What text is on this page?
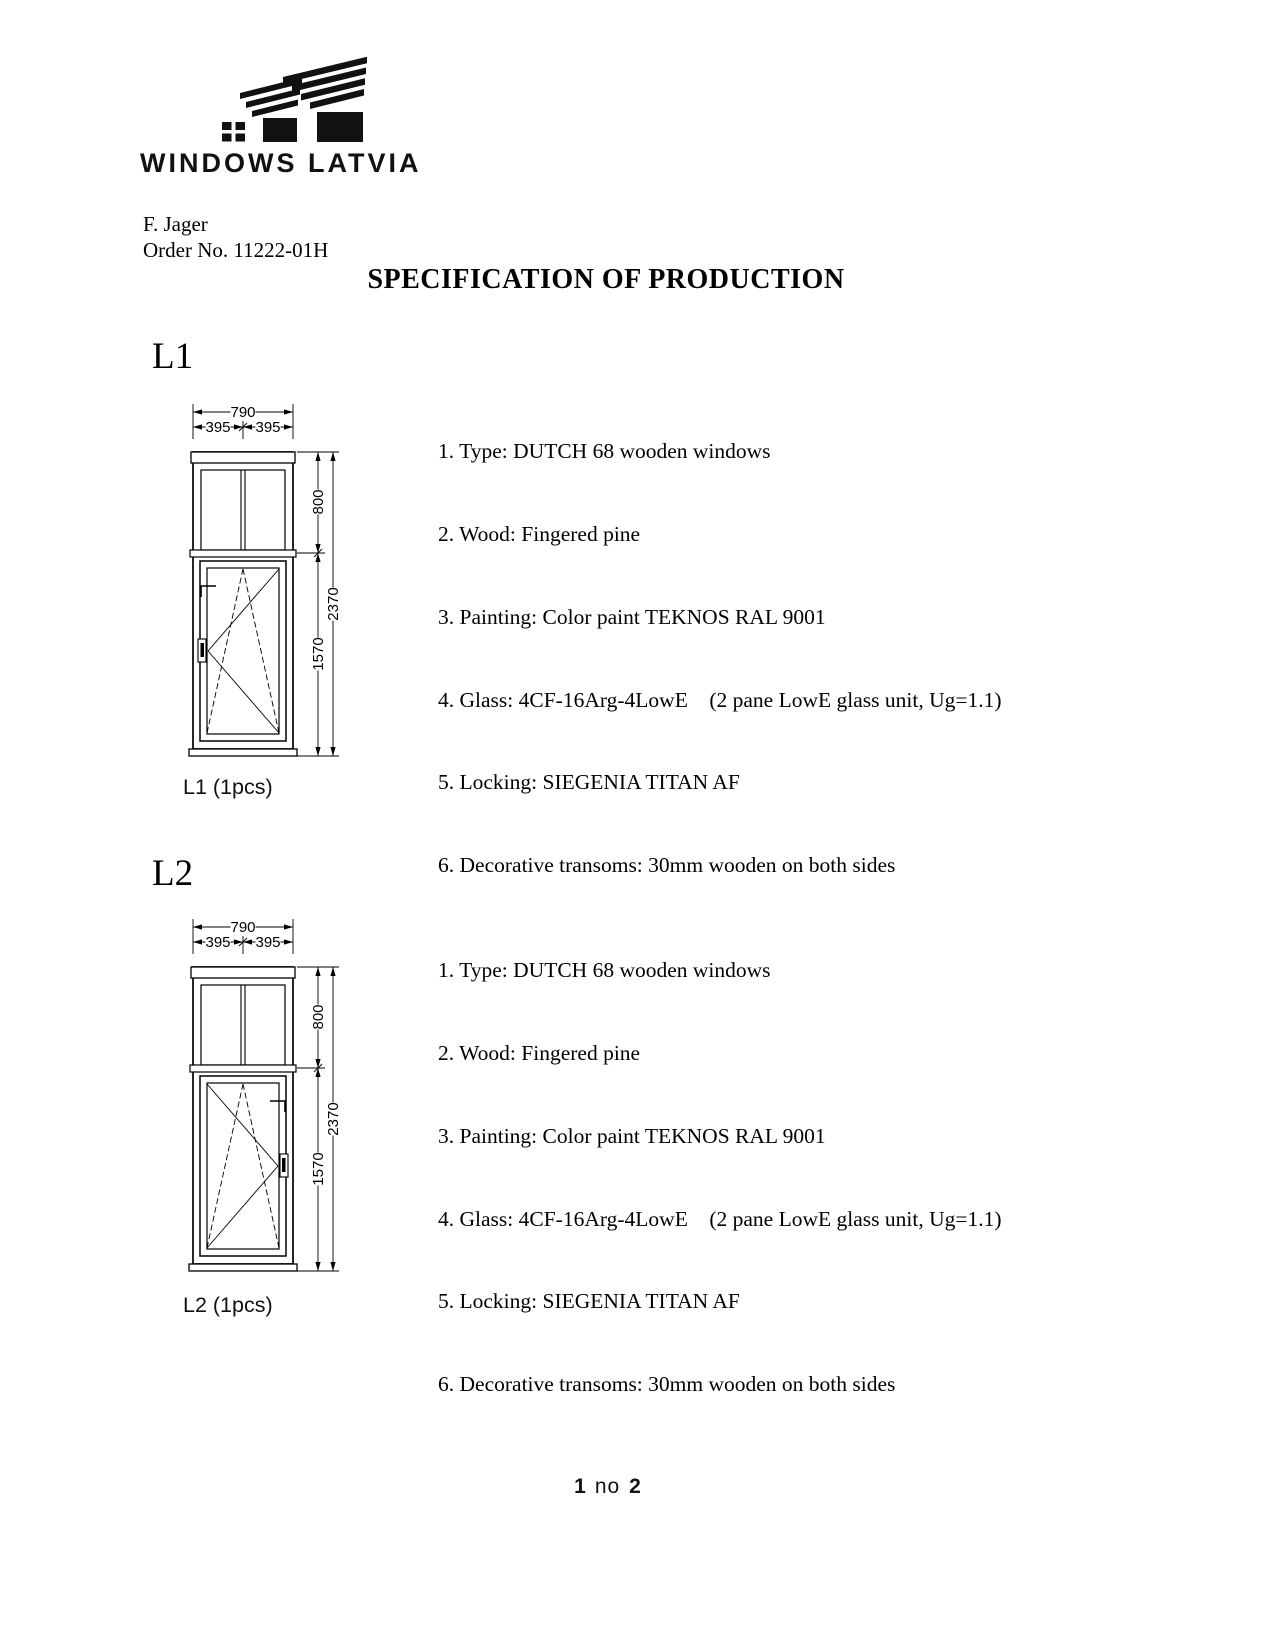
WINDOWS LATVIA
F. Jager
Order No. 11222-01H
SPECIFICATION OF PRODUCTION
L1
790
395 395
800
1570
2370
L1 (1pcs)

1. Type: DUTCH 68 wooden windows

2. Wood: Fingered pine

3. Painting: Color paint TEKNOS RAL 9001

4. Glass: 4CF-16Arg-4LowE    (2 pane LowE glass unit, Ug=1.1)

5. Locking: SIEGENIA TITAN AF

6. Decorative transoms: 30mm wooden on both sides

L2
790
395 395
800
1570
2370
L2 (1pcs)

1. Type: DUTCH 68 wooden windows

2. Wood: Fingered pine

3. Painting: Color paint TEKNOS RAL 9001

4. Glass: 4CF-16Arg-4LowE    (2 pane LowE glass unit, Ug=1.1)

5. Locking: SIEGENIA TITAN AF

6. Decorative transoms: 30mm wooden on both sides

1 no 2
